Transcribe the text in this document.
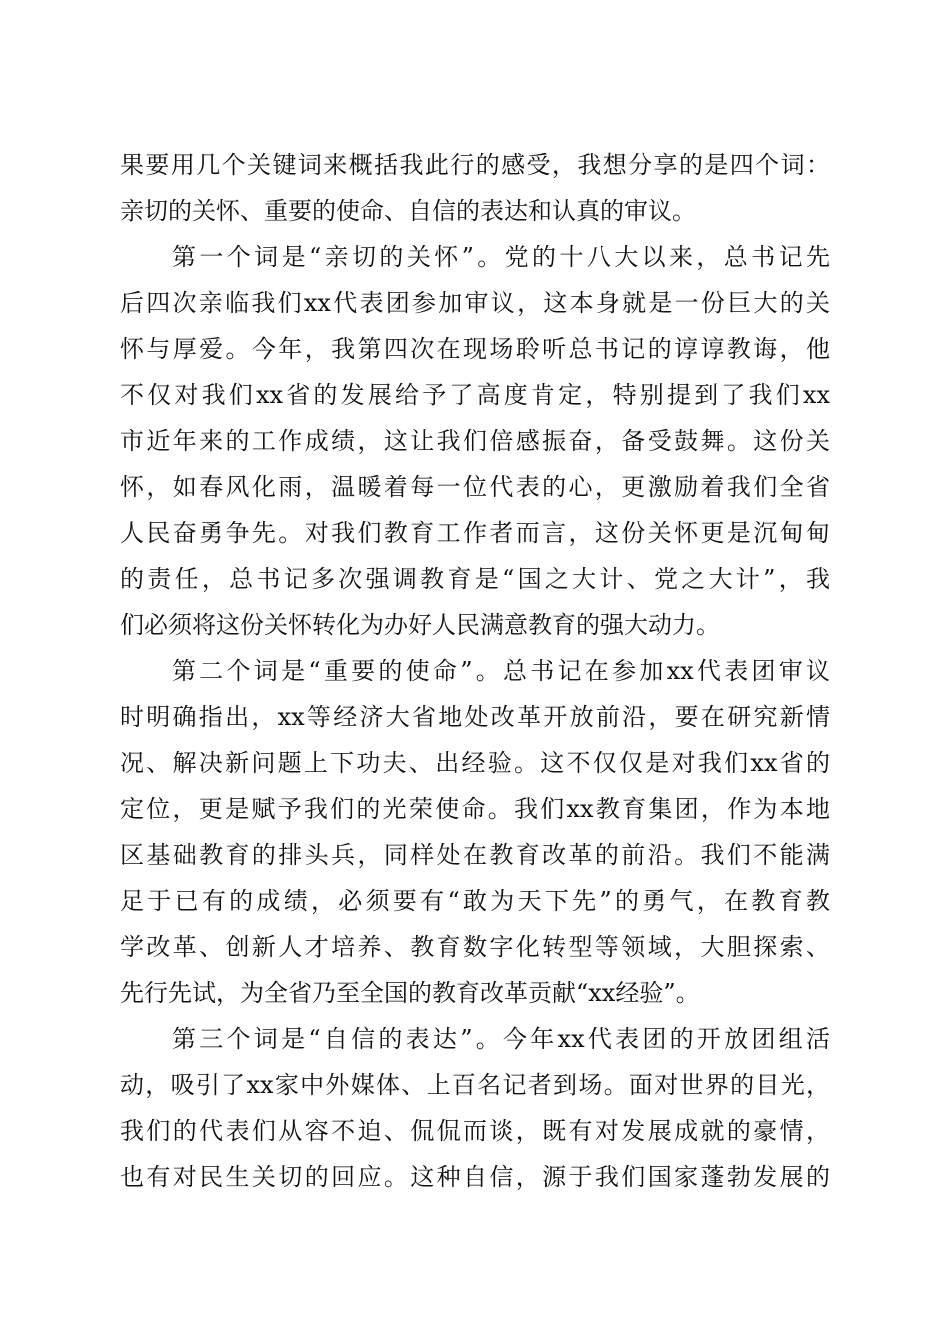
果要用几个关键词来概括我此行的感受，我想分享的是四个词：
亲切的关怀、重要的使命、自信的表达和认真的审议。
第一个词是“亲切的关怀”。党的十八大以来，总书记先
后四次亲临我们xx代表团参加审议，这本身就是一份巨大的关
怀与厚爱。今年，我第四次在现场聆听总书记的谆谆教诲，他
不仅对我们xx省的发展给予了高度肯定，特别提到了我们xx
市近年来的工作成绩，这让我们倍感振奋，备受鼓舞。这份关
怀，如春风化雨，温暖着每一位代表的心，更激励着我们全省
人民奋勇争先。对我们教育工作者而言，这份关怀更是沉甸甸
的责任，总书记多次强调教育是“国之大计、党之大计”，我
们必须将这份关怀转化为办好人民满意教育的强大动力。
第二个词是“重要的使命”。总书记在参加xx代表团审议
时明确指出，xx等经济大省地处改革开放前沿，要在研究新情
况、解决新问题上下功夫、出经验。这不仅仅是对我们xx省的
定位，更是赋予我们的光荣使命。我们xx教育集团，作为本地
区基础教育的排头兵，同样处在教育改革的前沿。我们不能满
足于已有的成绩，必须要有“敢为天下先”的勇气，在教育教
学改革、创新人才培养、教育数字化转型等领域，大胆探索、
先行先试，为全省乃至全国的教育改革贡献“xx经验”。
第三个词是“自信的表达”。今年xx代表团的开放团组活
动，吸引了xx家中外媒体、上百名记者到场。面对世界的目光，
我们的代表们从容不迫、侃侃而谈，既有对发展成就的豪情，
也有对民生关切的回应。这种自信，源于我们国家蓬勃发展的
